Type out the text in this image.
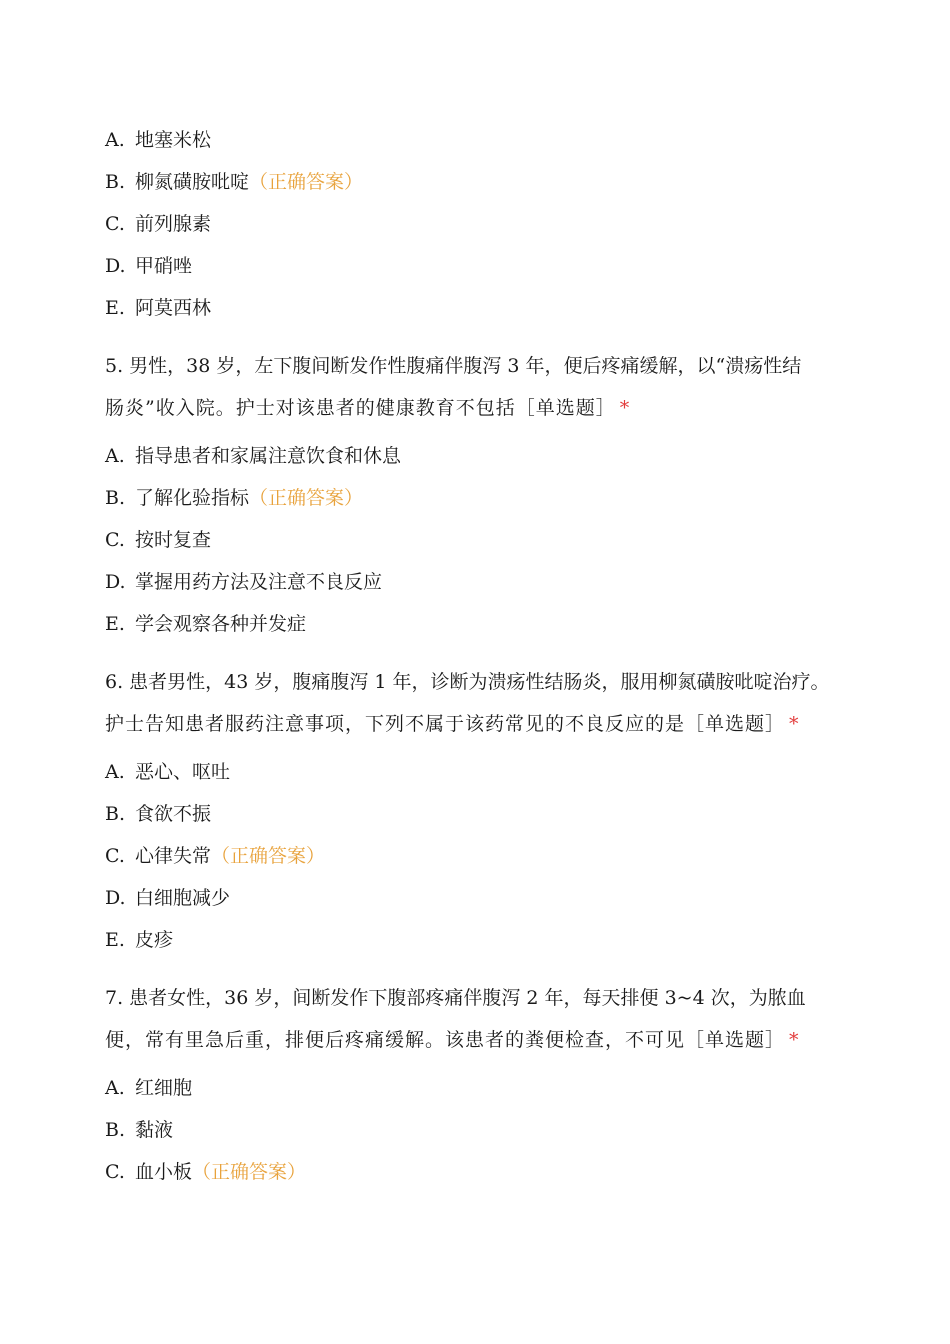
A. 地塞米松
B. 柳氮磺胺吡啶（正确答案）
C. 前列腺素
D. 甲硝唑
E. 阿莫西林
5. 男性，38 岁，左下腹间断发作性腹痛伴腹泻 3 年，便后疼痛缓解，以“溃疡性结
肠炎”收入院。护士对该患者的健康教育不包括［单选题］ *
A. 指导患者和家属注意饮食和休息
B. 了解化验指标（正确答案）
C. 按时复查
D. 掌握用药方法及注意不良反应
E. 学会观察各种并发症
6. 患者男性，43 岁，腹痛腹泻 1 年，诊断为溃疡性结肠炎，服用柳氮磺胺吡啶治疗。
护士告知患者服药注意事项，下列不属于该药常见的不良反应的是［单选题］ *
A. 恶心、呕吐
B. 食欲不振
C. 心律失常（正确答案）
D. 白细胞减少
E. 皮疹
7. 患者女性，36 岁，间断发作下腹部疼痛伴腹泻 2 年，每天排便 3~4 次，为脓血
便，常有里急后重，排便后疼痛缓解。该患者的粪便检查，不可见［单选题］ *
A. 红细胞
B. 黏液
C. 血小板（正确答案）
